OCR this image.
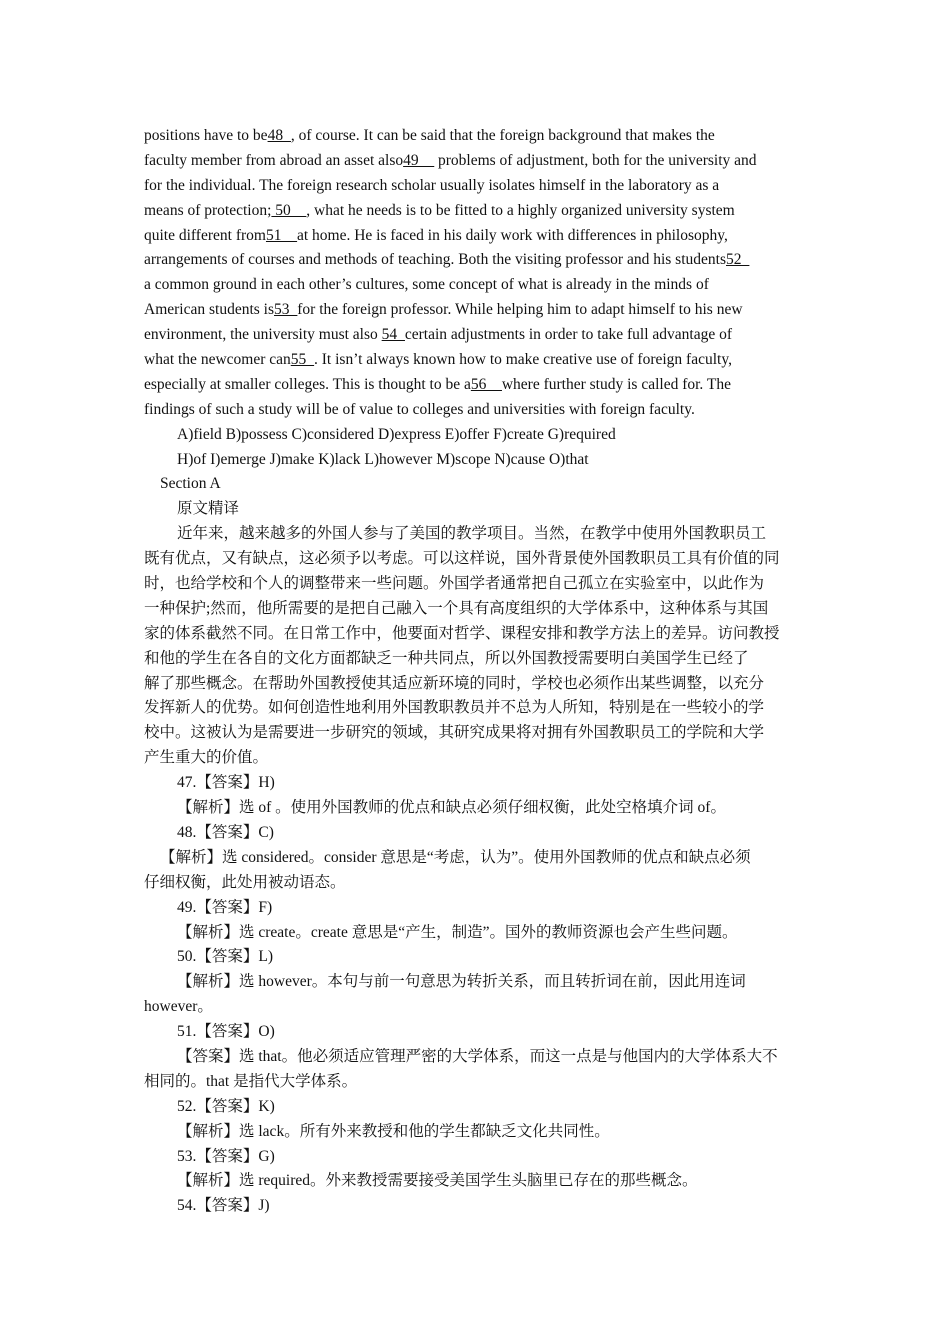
positions have to be48_, of course. It can be said that the foreign background that makes the
faculty member from abroad an asset also49__ problems of adjustment, both for the university and
for the individual. The foreign research scholar usually isolates himself in the laboratory as a
means of protection; 50__, what he needs is to be fitted to a highly organized university system
quite different from51__at home. He is faced in his daily work with differences in philosophy,
arrangements of courses and methods of teaching. Both the visiting professor and his students52_
a common ground in each other’s cultures, some concept of what is already in the minds of
American students is53_for the foreign professor. While helping him to adapt himself to his new
environment, the university must also 54_certain adjustments in order to take full advantage of
what the newcomer can55_. It isn’t always known how to make creative use of foreign faculty,
especially at smaller colleges. This is thought to be a56__where further study is called for. The
findings of such a study will be of value to colleges and universities with foreign faculty.
A)field B)possess C)considered D)express E)offer F)create G)required
H)of I)emerge J)make K)lack L)however M)scope N)cause O)that
Section A
原文精译
近年来，越来越多的外国人参与了美国的教学项目。当然，在教学中使用外国教职员工
既有优点，又有缺点，这必须予以考虑。可以这样说，国外背景使外国教职员工具有价值的同
时，也给学校和个人的调整带来一些问题。外国学者通常把自己孤立在实验室中，以此作为
一种保护;然而，他所需要的是把自己融入一个具有高度组织的大学体系中，这种体系与其国
家的体系截然不同。在日常工作中，他要面对哲学、课程安排和教学方法上的差异。访问教授
和他的学生在各自的文化方面都缺乏一种共同点，所以外国教授需要明白美国学生已经了
解了那些概念。在帮助外国教授使其适应新环境的同时，学校也必须作出某些调整，以充分
发挥新人的优势。如何创造性地利用外国教职教员并不总为人所知，特别是在一些较小的学
校中。这被认为是需要进一步研究的领域，其研究成果将对拥有外国教职员工的学院和大学
产生重大的价值。
47.【答案】H)
【解析】选 of 。使用外国教师的优点和缺点必须仔细权衡，此处空格填介词 of。
48.【答案】C)
【解析】选 considered。consider 意思是“考虑，认为”。使用外国教师的优点和缺点必须
仔细权衡，此处用被动语态。
49.【答案】F)
【解析】选 create。create 意思是“产生，制造”。国外的教师资源也会产生些问题。
50.【答案】L)
【解析】选 however。本句与前一句意思为转折关系，而且转折词在前，因此用连词
however。
51.【答案】O)
【答案】选 that。他必须适应管理严密的大学体系，而这一点是与他国内的大学体系大不
相同的。that 是指代大学体系。
52.【答案】K)
【解析】选 lack。所有外来教授和他的学生都缺乏文化共同性。
53.【答案】G)
【解析】选 required。外来教授需要接受美国学生头脑里已存在的那些概念。
54.【答案】J)
